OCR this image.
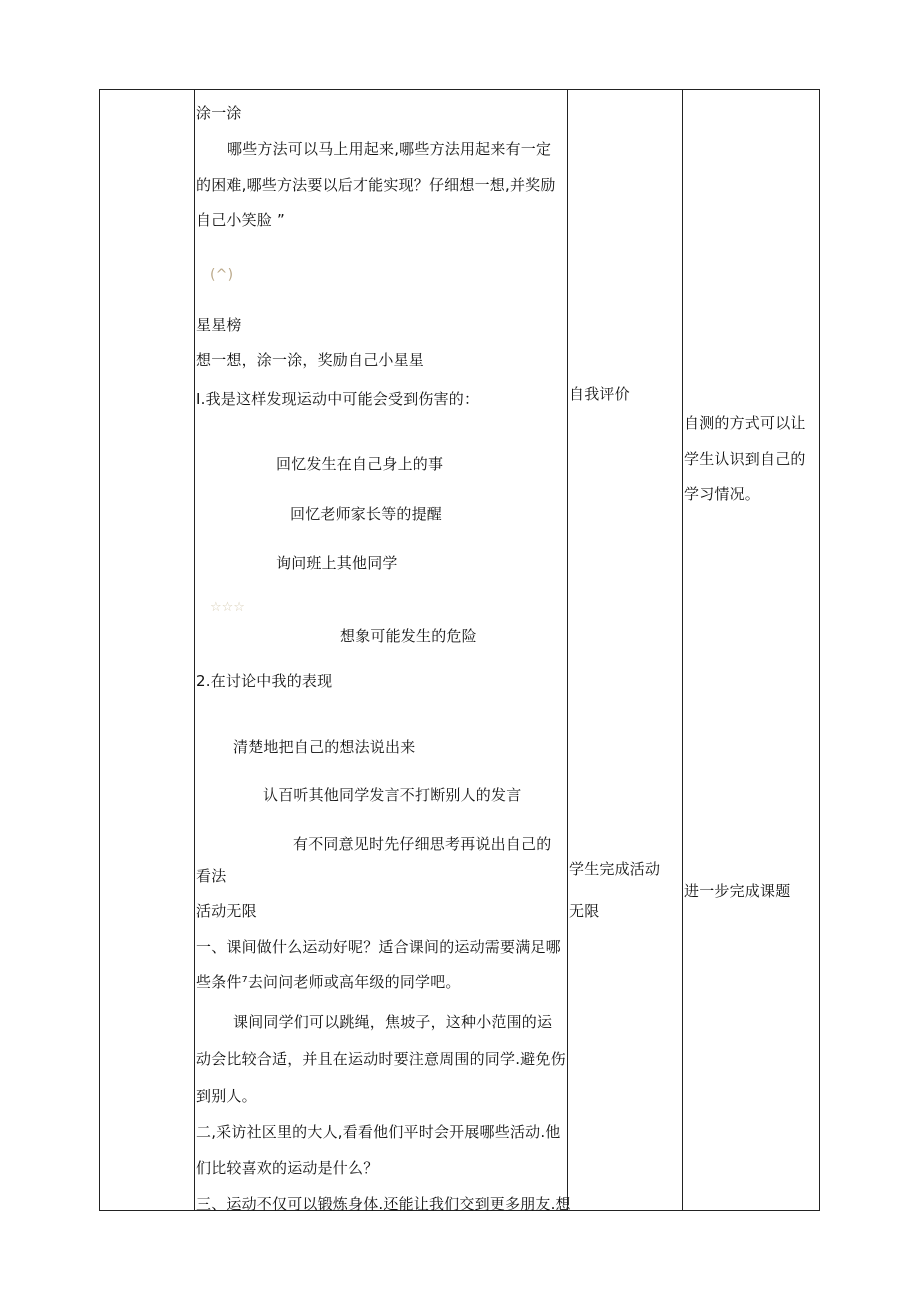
涂一涂
哪些方法可以马上用起来,哪些方法用起来有一定
的困难,哪些方法要以后才能实现？仔细想一想,并奖励
自己小笑脸 ”
(^)
星星榜
想一想，涂一涂，奖励自己小星星
I.我是这样发现运动中可能会受到伤害的：
回忆发生在自己身上的事
回忆老师家长等的提醒
询问班上其他同学
☆☆☆
想象可能发生的危险
2.在讨论中我的表现
清楚地把自己的想法说出来
认百听其他同学发言不打断别人的发言
有不同意见时先仔细思考再说出自己的
看法
活动无限
一、课间做什么运动好呢？适合课间的运动需要满足哪
些条件⁷去问问老师或高年级的同学吧。
课间同学们可以跳绳，焦坡子，这种小范围的运
动会比较合适，并且在运动时要注意周围的同学.避免伤
到别人。
二,采访社区里的大人,看看他们平时会开展哪些活动.他
们比较喜欢的运动是什么？
三、运动不仅可以锻炼身体.还能让我们交到更多朋友.想
自我评价
学生完成活动
无限
自测的方式可以让
学生认识到自己的
学习情况。
进一步完成课题
